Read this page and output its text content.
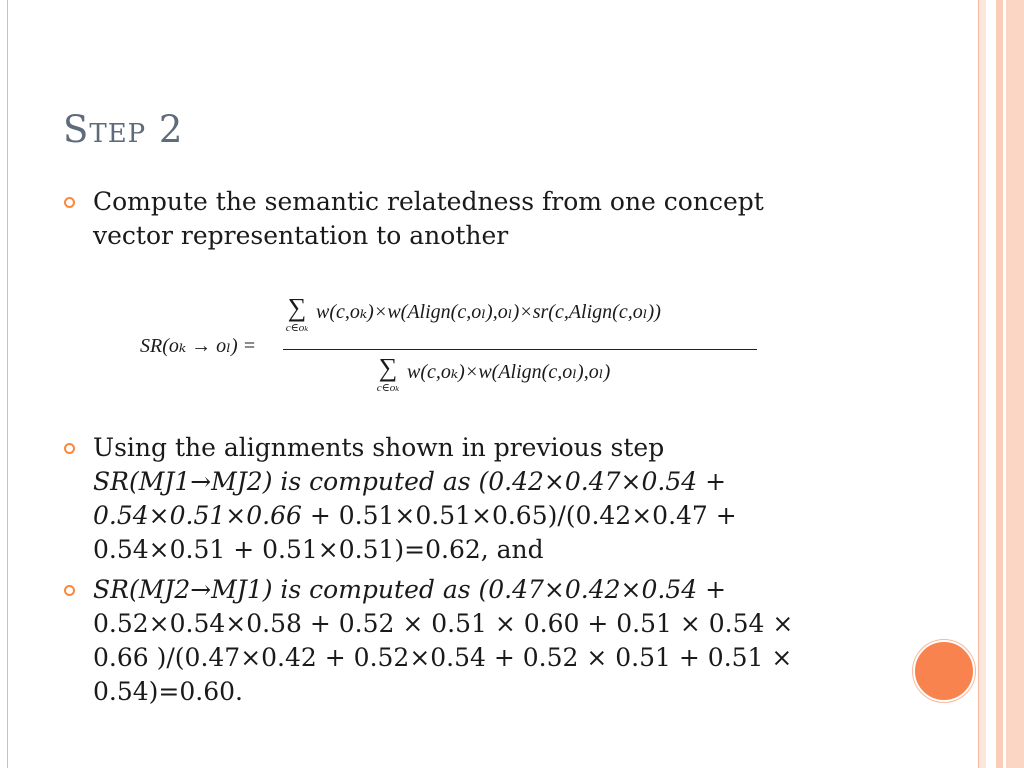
Step 2
Compute the semantic relatedness from one concept vector representation to another
SR(oₖ → oₗ) =
∑
c∈oₖ
w(c,oₖ)×w(Align(c,oₗ),oₗ)×sr(c,Align(c,oₗ))
∑
c∈oₖ
w(c,oₖ)×w(Align(c,oₗ),oₗ)
Using the alignments shown in previous step
SR(MJ1→MJ2) is computed as (0.42×0.47×0.54 + 0.54×0.51×0.66 + 0.51×0.51×0.65)/(0.42×0.47 + 0.54×0.51 + 0.51×0.51)=0.62, and
SR(MJ2→MJ1) is computed as (0.47×0.42×0.54 + 0.52×0.54×0.58 + 0.52 × 0.51 × 0.60 + 0.51 × 0.54 × 0.66 )/(0.47×0.42 + 0.52×0.54 + 0.52 × 0.51 + 0.51 × 0.54)=0.60.
